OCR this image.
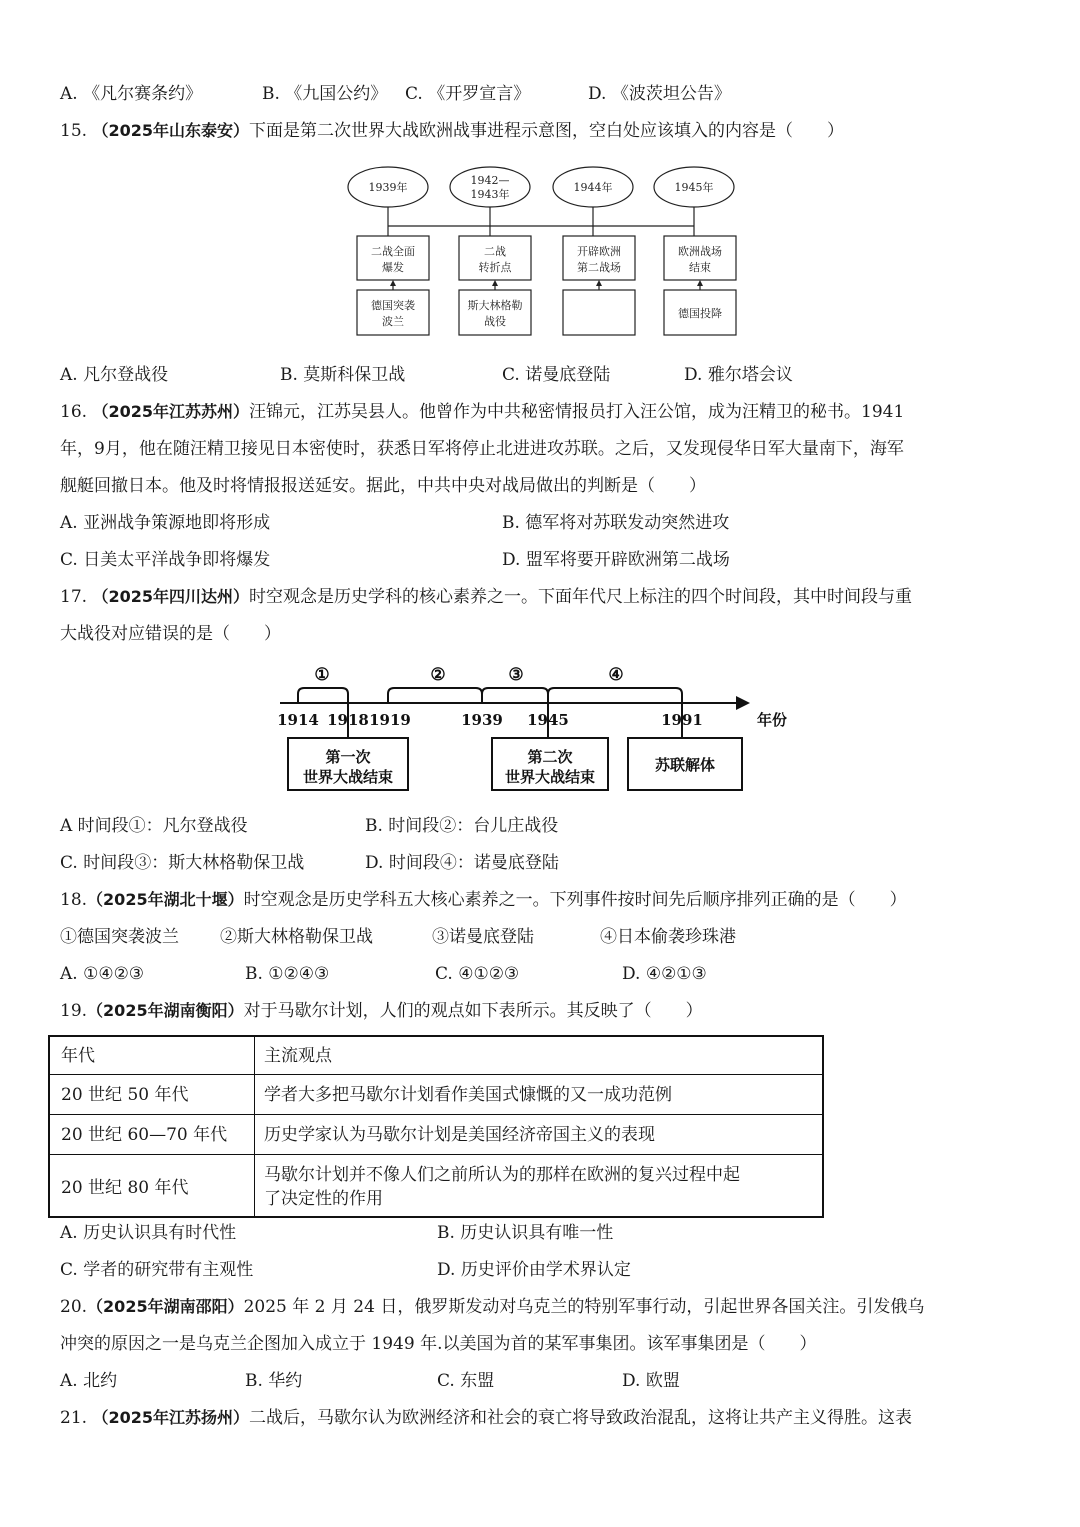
A. 《凡尔赛条约》	B. 《九国公约》 C. 《开罗宣言》	D. 《波茨坦公告》
15. （2025年山东泰安）下面是第二次世界大战欧洲战事进程示意图，空白处应该填入的内容是（　　）
1939年
1942—
1943年
1944年	1945年
二战全面
爆发
二战
转折点
开辟欧洲
第二战场
欧洲战场
结束
德国突袭
波兰
斯大林格勒
战役
德国投降
A. 凡尔登战役	B. 莫斯科保卫战	C. 诺曼底登陆	D. 雅尔塔会议
16. （2025年江苏苏州）汪锦元，江苏吴县人。他曾作为中共秘密情报员打入汪公馆，成为汪精卫的秘书。1941
年，9月，他在随汪精卫接见日本密使时，获悉日军将停止北进进攻苏联。之后，又发现侵华日军大量南下，海军
舰艇回撤日本。他及时将情报报送延安。据此，中共中央对战局做出的判断是（　　）
A. 亚洲战争策源地即将形成	B. 德军将对苏联发动突然进攻
C. 日美太平洋战争即将爆发	D. 盟军将要开辟欧洲第二战场
17. （2025年四川达州）时空观念是历史学科的核心素养之一。下面年代尺上标注的四个时间段，其中时间段与重
大战役对应错误的是（　　）
①	②	③	④
1914 1918 1919	1939 1945	1991	年份
第一次
世界大战结束
第二次
世界大战结束
苏联解体
A 时间段①：凡尔登战役	B. 时间段②：台儿庄战役
C. 时间段③：斯大林格勒保卫战	D. 时间段④：诺曼底登陆
18.（2025年湖北十堰）时空观念是历史学科五大核心素养之一。下列事件按时间先后顺序排列正确的是（　　）
①德国突袭波兰 ②斯大林格勒保卫战	③诺曼底登陆	④日本偷袭珍珠港
A. ①④②③	B. ①②④③	C. ④①②③	D. ④②①③
19.（2025年湖南衡阳）对于马歇尔计划，人们的观点如下表所示。其反映了（　　）
年代	主流观点
20 世纪 50 年代	学者大多把马歇尔计划看作美国式慷慨的又一成功范例
20 世纪 60—70 年代 历史学家认为马歇尔计划是美国经济帝国主义的表现
20 世纪 80 年代
马歇尔计划并不像人们之前所认为的那样在欧洲的复兴过程中起
了决定性的作用
A. 历史认识具有时代性	B. 历史认识具有唯一性
C. 学者的研究带有主观性	D. 历史评价由学术界认定
20.（2025年湖南邵阳）2025 年 2 月 24 日，俄罗斯发动对乌克兰的特别军事行动，引起世界各国关注。引发俄乌
冲突的原因之一是乌克兰企图加入成立于 1949 年.以美国为首的某军事集团。该军事集团是（　　）
A. 北约	B. 华约	C. 东盟	D. 欧盟
21. （2025年江苏扬州）二战后，马歇尔认为欧洲经济和社会的衰亡将导致政治混乱，这将让共产主义得胜。这表
